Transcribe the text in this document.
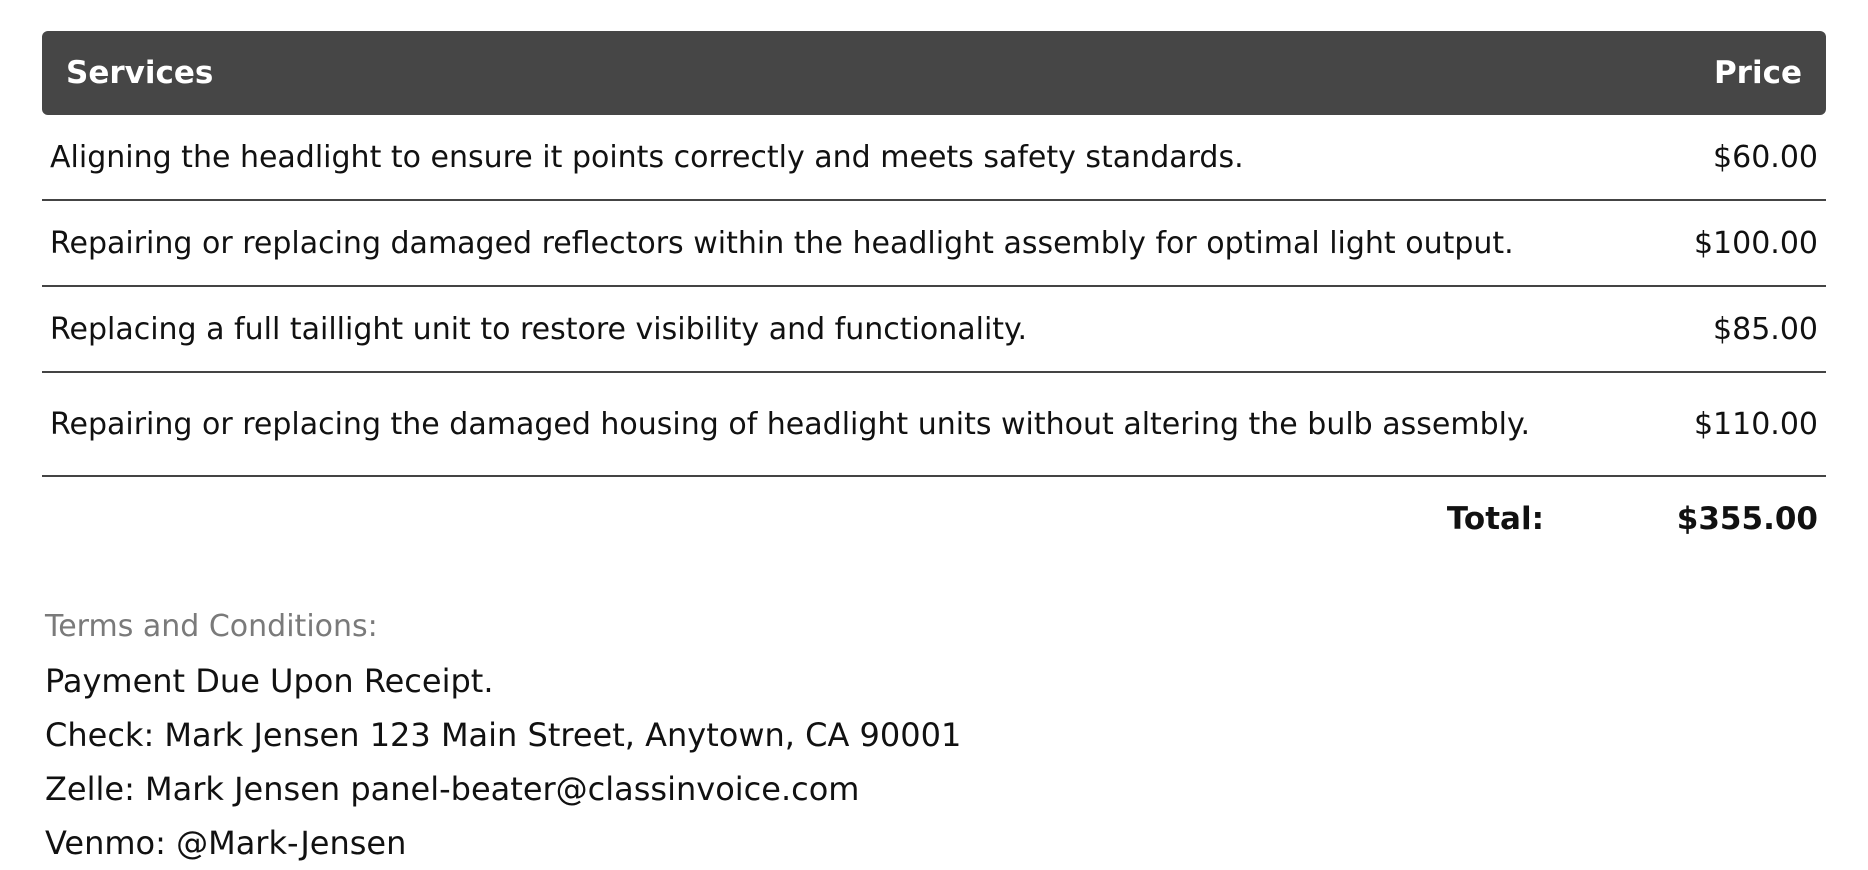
Services	Price
Aligning the headlight to ensure it points correctly and meets safety standards.	$60.00
Repairing or replacing damaged reflectors within the headlight assembly for optimal light output.	$100.00
Replacing a full taillight unit to restore visibility and functionality.	$85.00
Repairing or replacing the damaged housing of headlight units without altering the bulb assembly.	$110.00
Total:	$355.00

Terms and Conditions:

Payment Due Upon Receipt.

Check: Mark Jensen 123 Main Street, Anytown, CA 90001

Zelle: Mark Jensen panel-beater@classinvoice.com

Venmo: @Mark-Jensen
